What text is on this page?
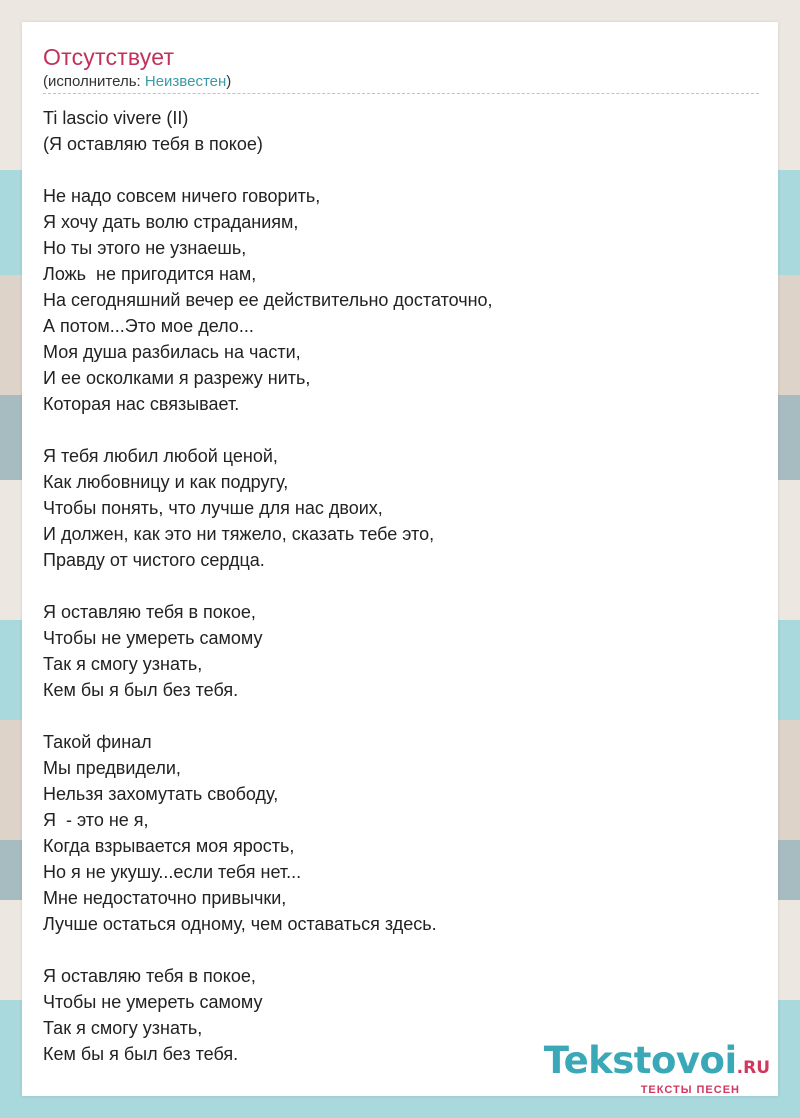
Отсутствует
(исполнитель: Неизвестен)
Ti lascio vivere (II)
(Я оставляю тебя в покое)

Не надо совсем ничего говорить,
Я хочу дать волю страданиям,
Но ты этого не узнаешь,
Ложь  не пригодится нам,
На сегодняшний вечер ее действительно достаточно,
А потом...Это мое дело...
Моя душа разбилась на части,
И ее осколками я разрежу нить,
Которая нас связывает.

Я тебя любил любой ценой,
Как любовницу и как подругу,
Чтобы понять, что лучше для нас двоих,
И должен, как это ни тяжело, сказать тебе это,
Правду от чистого сердца.

Я оставляю тебя в покое,
Чтобы не умереть самому
Так я смогу узнать,
Кем бы я был без тебя.

Такой финал
Мы предвидели,
Нельзя захомутать свободу,
Я  - это не я,
Когда взрывается моя ярость,
Но я не укушу...если тебя нет...
Мне недостаточно привычки,
Лучше остаться одному, чем оставаться здесь.

Я оставляю тебя в покое,
Чтобы не умереть самому
Так я смогу узнать,
Кем бы я был без тебя.	Tekstovoi.RU
ТЕКСТЫ ПЕСЕН
